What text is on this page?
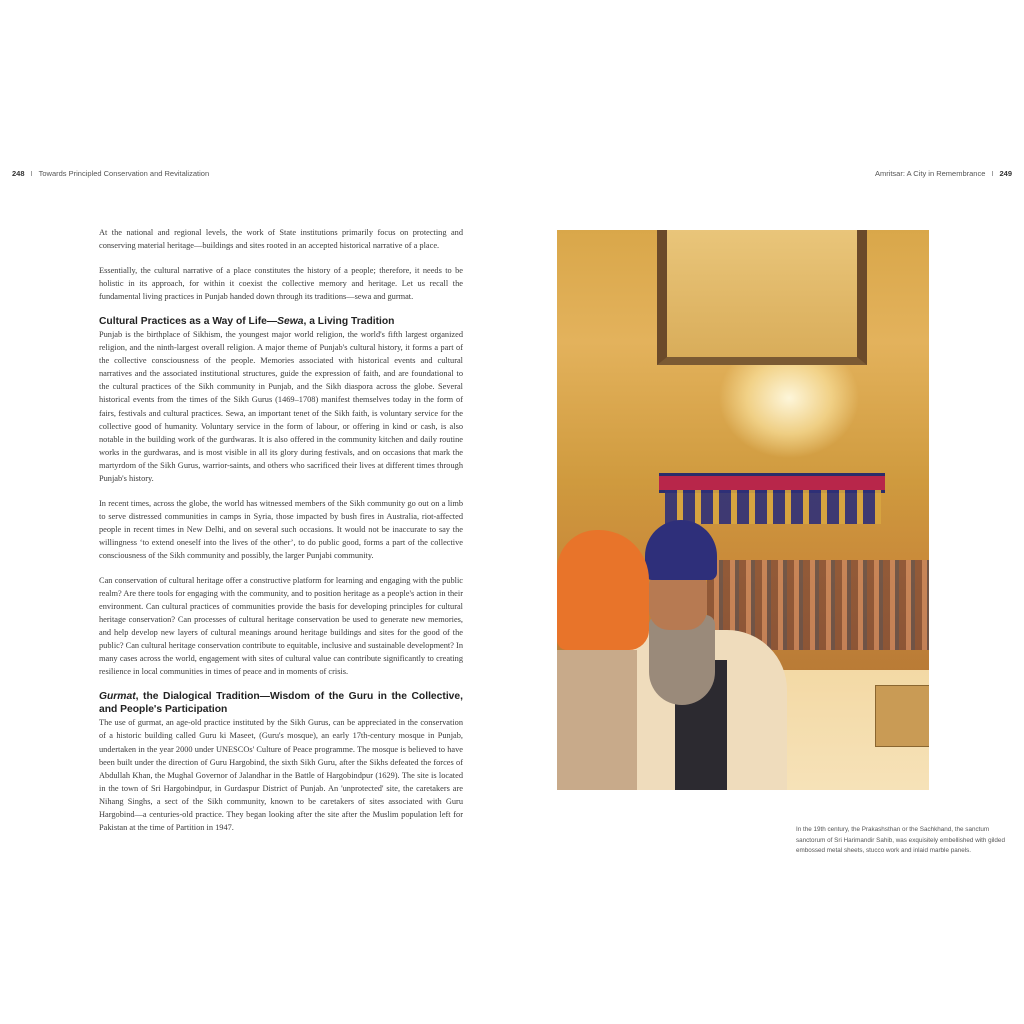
248 I Towards Principled Conservation and Revitalization	Amritsar: A City in Remembrance I 249

At the national and regional levels, the work of State institutions primarily focus on protecting and conserving material heritage—buildings and sites rooted in an accepted historical narrative of a place.

Essentially, the cultural narrative of a place constitutes the history of a people; therefore, it needs to be holistic in its approach, for within it coexist the collective memory and heritage. Let us recall the fundamental living practices in Punjab handed down through its traditions—sewa and gurmat.

Cultural Practices as a Way of Life—Sewa, a Living Tradition

Punjab is the birthplace of Sikhism, the youngest major world religion, the world's fifth largest organized religion, and the ninth-largest overall religion. A major theme of Punjab's cultural history, it forms a part of the collective consciousness of the people. Memories associated with historical events and cultural narratives and the associated institutional structures, guide the expression of faith, and are foundational to the cultural practices of the Sikh community in Punjab, and the Sikh diaspora across the globe. Several historical events from the times of the Sikh Gurus (1469–1708) manifest themselves today in the form of fairs, festivals and cultural practices. Sewa, an important tenet of the Sikh faith, is voluntary service for the collective good of humanity. Voluntary service in the form of labour, or offering in kind or cash, is also notable in the building work of the gurdwaras. It is also offered in the community kitchen and daily routine works in the gurdwaras, and is most visible in all its glory during festivals, and on occasions that mark the martyrdom of the Sikh Gurus, warrior-saints, and others who sacrificed their lives at different times through Punjab's history.

In recent times, across the globe, the world has witnessed members of the Sikh community go out on a limb to serve distressed communities in camps in Syria, those impacted by bush fires in Australia, riot-affected people in recent times in New Delhi, and on several such occasions. It would not be inaccurate to say the willingness ‘to extend oneself into the lives of the other’, to do public good, forms a part of the collective consciousness of the Sikh community and possibly, the larger Punjabi community.

Can conservation of cultural heritage offer a constructive platform for learning and engaging with the public realm? Are there tools for engaging with the community, and to position heritage as a people's action in their environment. Can cultural practices of communities provide the basis for developing principles for cultural heritage conservation? Can processes of cultural heritage conservation be used to generate new memories, and help develop new layers of cultural meanings around heritage buildings and sites for the good of the public? Can cultural heritage conservation contribute to equitable, inclusive and sustainable development? In many cases across the world, engagement with sites of cultural value can contribute significantly to creating resilience in local communities in times of peace and in moments of crisis.

Gurmat, the Dialogical Tradition—Wisdom of the Guru in the Collective, and People's Participation

The use of gurmat, an age-old practice instituted by the Sikh Gurus, can be appreciated in the conservation of a historic building called Guru ki Maseet, (Guru's mosque), an early 17th-century mosque in Punjab, undertaken in the year 2000 under UNESCOs' Culture of Peace programme. The mosque is believed to have been built under the direction of Guru Hargobind, the sixth Sikh Guru, after the Sikhs defeated the forces of Abdullah Khan, the Mughal Governor of Jalandhar in the Battle of Hargobindpur (1629). The site is located in the town of Sri Hargobindpur, in Gurdaspur District of Punjab. An 'unprotected' site, the caretakers are Nihang Singhs, a sect of the Sikh community, known to be caretakers of sites associated with Guru Hargobind—a centuries-old practice. They began looking after the site after the Muslim population left for Pakistan at the time of Partition in 1947.	In the 19th century, the Prakashsthan or the Sachkhand, the sanctum sanctorum of Sri Harimandir Sahib, was exquisitely embellished with gilded embossed metal sheets, stucco work and inlaid marble panels.
